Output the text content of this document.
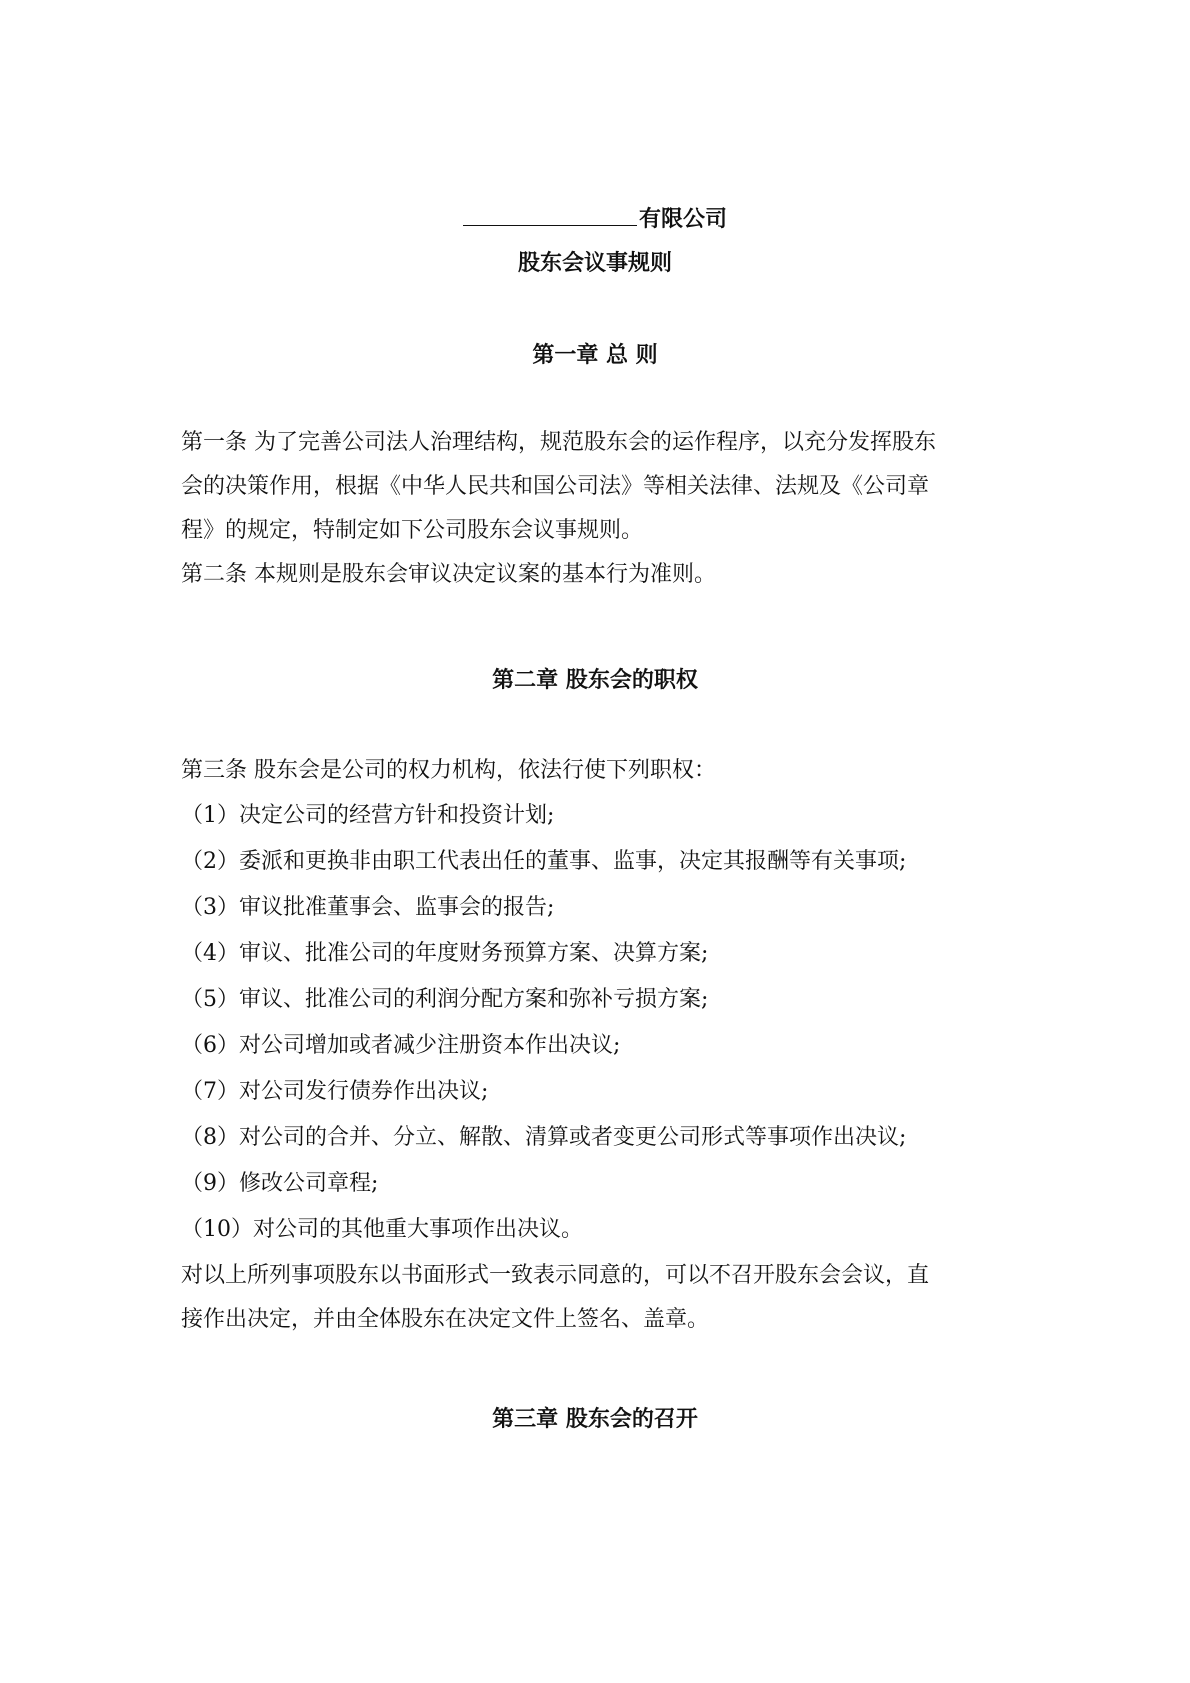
有限公司
股东会议事规则
第一章 总 则
第一条 为了完善公司法人治理结构，规范股东会的运作程序，以充分发挥股东
会的决策作用，根据《中华人民共和国公司法》等相关法律、法规及《公司章
程》的规定，特制定如下公司股东会议事规则。
第二条 本规则是股东会审议决定议案的基本行为准则。
第二章 股东会的职权
第三条 股东会是公司的权力机构，依法行使下列职权：
（1）决定公司的经营方针和投资计划;
（2）委派和更换非由职工代表出任的董事、监事，决定其报酬等有关事项;
（3）审议批准董事会、监事会的报告;
（4）审议、批准公司的年度财务预算方案、决算方案;
（5）审议、批准公司的利润分配方案和弥补亏损方案;
（6）对公司增加或者减少注册资本作出决议;
（7）对公司发行债券作出决议;
（8）对公司的合并、分立、解散、清算或者变更公司形式等事项作出决议;
（9）修改公司章程;
（10）对公司的其他重大事项作出决议。
对以上所列事项股东以书面形式一致表示同意的，可以不召开股东会会议，直
接作出决定，并由全体股东在决定文件上签名、盖章。
第三章 股东会的召开
